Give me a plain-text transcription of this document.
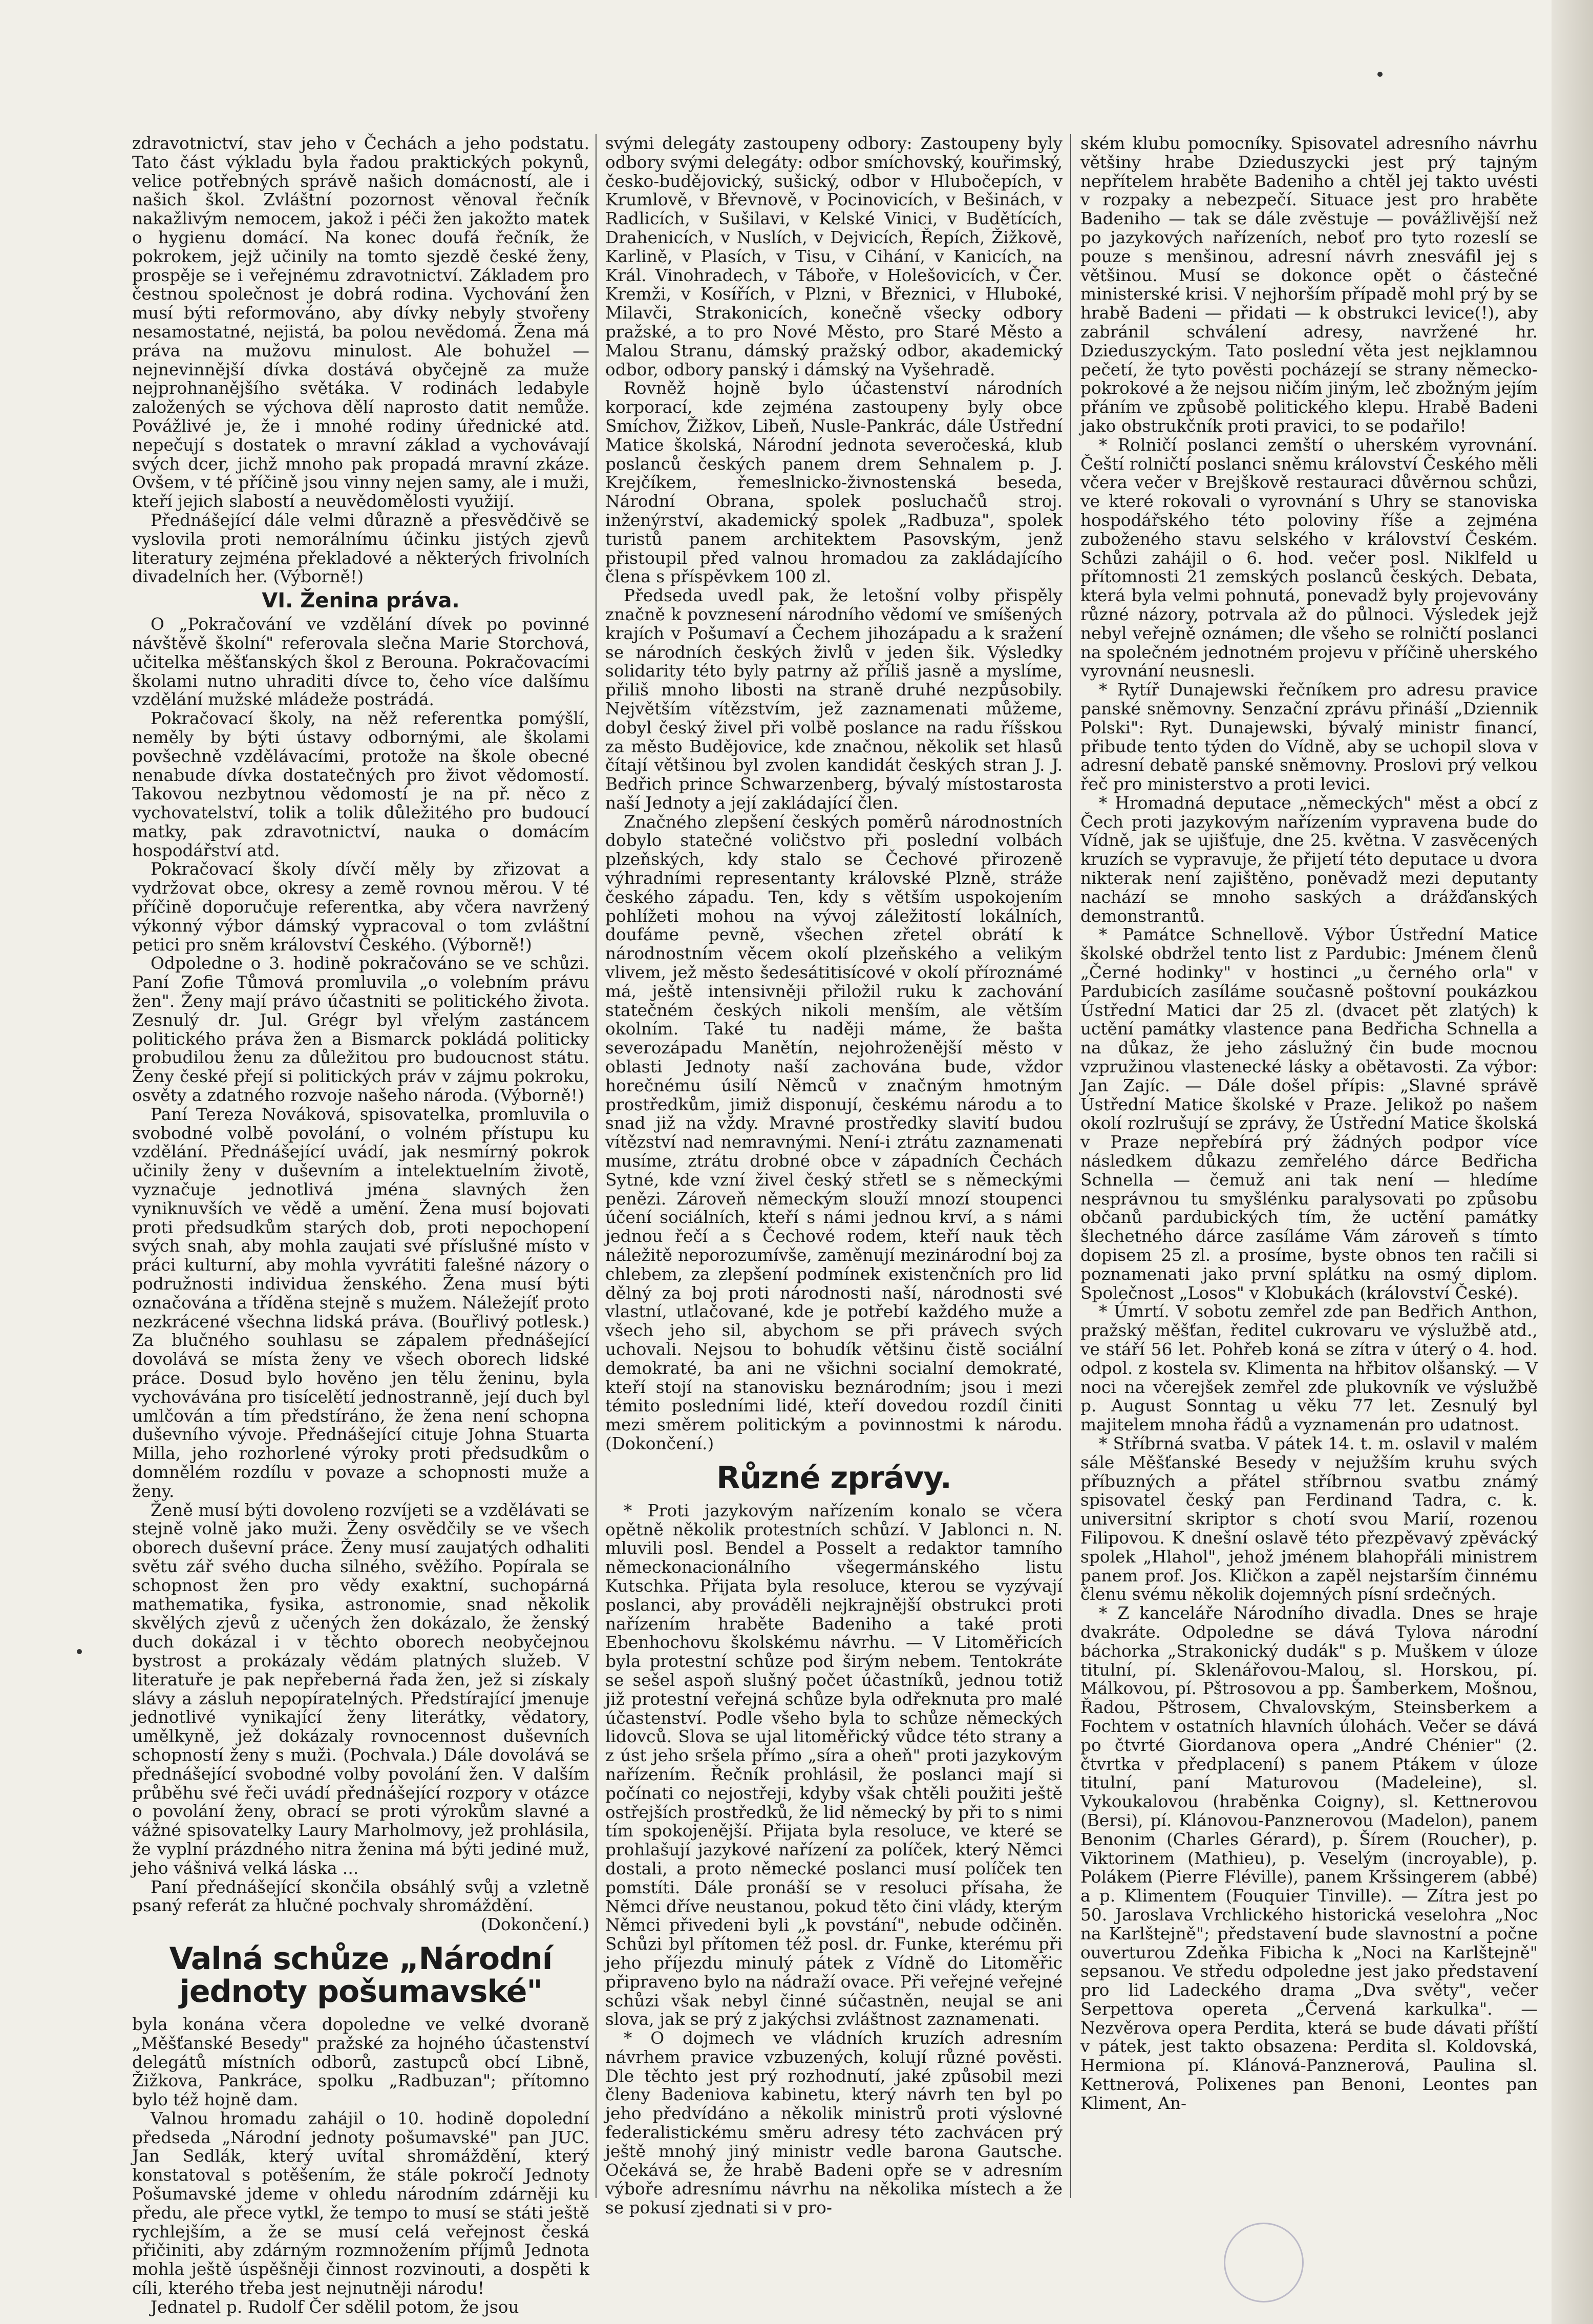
zdravotnictví, stav jeho v Čechách a jeho podstatu. Tato část výkladu byla řadou praktických pokynů, velice potřebných správě našich domácností, ale i našich škol. Zvláštní pozornost věnoval řečník nakažlivým nemocem, jakož i péči žen jakožto matek o hygienu domácí. Na konec doufá řečník, že pokrokem, jejž učinily na tomto sjezdě české ženy, prospěje se i veřejnému zdravotnictví. Základem pro čestnou společnost je dobrá rodina. Vychování žen musí býti reformováno, aby dívky nebyly stvořeny nesamostatné, nejistá, ba polou nevědomá. Žena má práva na mužovu minulost. Ale bohužel — nejnevinnější dívka dostává obyčejně za muže nejprohnanějšího světáka. V rodinách ledabyle založených se výchova dělí naprosto datit nemůže. Povážlivé je, že i mnohé rodiny úřednické atd. nepečují s dostatek o mravní základ a vychovávají svých dcer, jichž mnoho pak propadá mravní zkáze. Ovšem, v té příčině jsou vinny nejen samy, ale i muži, kteří jejich slabostí a neuvědomělosti využijí.

Přednášející dále velmi důrazně a přesvědčivě se vyslovila proti nemorálnímu účinku jistých zjevů literatury zejména překladové a některých frivolních divadelních her. (Výborně!)

VI. Ženina práva.

O „Pokračování ve vzdělání dívek po povinné návštěvě školní" referovala slečna Marie Storchová, učitelka měšťanských škol z Berouna. Pokračovacími školami nutno uhraditi dívce to, čeho více dalšímu vzdělání mužské mládeže postrádá.

Pokračovací školy, na něž referentka pomýšlí, neměly by býti ústavy odbornými, ale školami povšechně vzdělávacími, protože na škole obecné nenabude dívka dostatečných pro život vědomostí. Takovou nezbytnou vědomostí je na př. něco z vychovatelství, tolik a tolik důležitého pro budoucí matky, pak zdravotnictví, nauka o domácím hospodářství atd.

Pokračovací školy dívčí měly by zřizovat a vydržovat obce, okresy a země rovnou měrou. V té příčině doporučuje referentka, aby včera navržený výkonný výbor dámský vypracoval o tom zvláštní petici pro sněm království Českého. (Výborně!)

Odpoledne o 3. hodině pokračováno se ve schůzi. Paní Zofie Tůmová promluvila „o volebním právu žen". Ženy mají právo účastniti se politického života. Zesnulý dr. Jul. Grégr byl vřelým zastáncem politického práva žen a Bismarck pokládá politicky probudilou ženu za důležitou pro budoucnost státu. Ženy české přejí si politických práv v zájmu pokroku, osvěty a zdatného rozvoje našeho národa. (Výborně!)

Paní Tereza Nováková, spisovatelka, promluvila o svobodné volbě povolání, o volném přístupu ku vzdělání. Přednášející uvádí, jak nesmírný pokrok učinily ženy v duševním a intelektuelním životě, vyznačuje jednotlivá jména slavných žen vyniknuvších ve vědě a umění. Žena musí bojovati proti předsudkům starých dob, proti nepochopení svých snah, aby mohla zaujati své příslušné místo v práci kulturní, aby mohla vyvrátiti falešné názory o podružnosti individua ženského. Žena musí býti označována a tříděna stejně s mužem. Náležejíť proto nezkrácené všechna lidská práva. (Bouřlivý potlesk.) Za blučného souhlasu se zápalem přednášející dovolává se místa ženy ve všech oborech lidské práce. Dosud bylo hověno jen tělu ženinu, byla vychovávána pro tisícelětí jednostranně, její duch byl umlčován a tím předstíráno, že žena není schopna duševního vývoje. Přednášející cituje Johna Stuarta Milla, jeho rozhorlené výroky proti předsudkům o domnělém rozdílu v povaze a schopnosti muže a ženy.

Ženě musí býti dovoleno rozvíjeti se a vzdělávati se stejně volně jako muži. Ženy osvědčily se ve všech oborech duševní práce. Ženy musí zaujatých odhaliti světu zář svého ducha silného, svěžího. Popírala se schopnost žen pro vědy exaktní, suchopárná mathematika, fysika, astronomie, snad několik skvělých zjevů z učených žen dokázalo, že ženský duch dokázal i v těchto oborech neobyčejnou bystrost a prokázaly vědám platných služeb. V literatuře je pak nepřeberná řada žen, jež si získaly slávy a zásluh nepopíratelných. Předstírající jmenuje jednotlivé vynikající ženy literátky, vědatory, umělkyně, jež dokázaly rovnocennost duševních schopností ženy s muži. (Pochvala.) Dále dovolává se přednášející svobodné volby povolání žen. V dalším průběhu své řeči uvádí přednášející rozpory v otázce o povolání ženy, obrací se proti výrokům slavné a vážné spisovatelky Laury Marholmovy, jež prohlásila, že vyplní prázdného nitra ženina má býti jediné muž, jeho vášnivá velká láska ...

Paní přednášející skončila obsáhlý svůj a vzletně psaný referát za hlučné pochvaly shromáždění.

(Dokončení.)

Valná schůze „Národní jednoty pošumavské"

byla konána včera dopoledne ve velké dvoraně „Měšťanské Besedy" pražské za hojného účastenství delegátů místních odborů, zastupců obcí Libně, Žižkova, Pankráce, spolku „Radbuzan"; přítomno bylo též hojně dam.

Valnou hromadu zahájil o 10. hodině dopolední předseda „Národní jednoty pošumavské" pan JUC. Jan Sedlák, který uvítal shromáždění, který konstatoval s potěšením, že stále pokročí Jednoty Pošumavské jdeme v ohledu národním zdárněji ku předu, ale přece vytkl, že tempo to musí se státi ještě rychlejším, a že se musí celá veřejnost česká přičiniti, aby zdárným rozmnožením příjmů Jednota mohla ještě úspěšněji činnost rozvinouti, a dospěti k cíli, kterého třeba jest nejnutněji národu!

Jednatel p. Rudolf Čer sdělil potom, že jsou

svými delegáty zastoupeny odbory: Zastoupeny byly odbory svými delegáty: odbor smíchovský, kouřimský, česko-budějovický, sušický, odbor v Hlubočepích, v Krumlově, v Břevnově, v Pocinovicích, v Bešinách, v Radlicích, v Sušilavi, v Kelské Vinici, v Budětících, Drahenicích, v Nuslích, v Dejvicích, Řepích, Žižkově, Karlině, v Plasích, v Tisu, v Cihání, v Kanicích, na Král. Vinohradech, v Táboře, v Holešovicích, v Čer. Kremži, v Kosířích, v Plzni, v Březnici, v Hluboké, Milavči, Strakonicích, konečně všecky odbory pražské, a to pro Nové Město, pro Staré Město a Malou Stranu, dámský pražský odbor, akademický odbor, odbory panský i dámský na Vyšehradě.

Rovněž hojně bylo účastenství národních korporací, kde zejména zastoupeny byly obce Smíchov, Žižkov, Libeň, Nusle-Pankrác, dále Ústřední Matice školská, Národní jednota severočeská, klub poslanců českých panem drem Sehnalem p. J. Krejčíkem, řemeslnicko-živnostenská beseda, Národní Obrana, spolek posluchačů stroj. inženýrství, akademický spolek „Radbuza", spolek turistů panem architektem Pasovským, jenž přistoupil před valnou hromadou za zakládajícího člena s příspěvkem 100 zl.

Předseda uvedl pak, že letošní volby přispěly značně k povznesení národního vědomí ve smíšených krajích v Pošumaví a Čechem jihozápadu a k sražení se národních českých živlů v jeden šik. Výsledky solidarity této byly patrny až příliš jasně a myslíme, přiliš mnoho libosti na straně druhé nezpůsobily. Největším vítězstvím, jež zaznamenati můžeme, dobyl český živel při volbě poslance na radu říšskou za město Budějovice, kde značnou, několik set hlasů čítají většinou byl zvolen kandidát českých stran J. J. Bedřich prince Schwarzenberg, bývalý místostarosta naší Jednoty a její zakládající člen.

Značného zlepšení českých poměrů národnostních dobylo statečné voličstvo při poslední volbách plzeňských, kdy stalo se Čechové přirozeně výhradními representanty královské Plzně, stráže českého západu. Ten, kdy s větším uspokojením pohlížeti mohou na vývoj záležitostí lokálních, doufáme pevně, všechen zřetel obrátí k národnostním věcem okolí plzeňského a velikým vlivem, jež město šedesátitisícové v okolí příroznámé má, ještě intensivněji přiložil ruku k zachování statečném českých nikoli menším, ale větším okolním. Také tu naději máme, že bašta severozápadu Manětín, nejohroženější město v oblasti Jednoty naší zachována bude, vždor horečnému úsilí Němců v značným hmotným prostředkům, jimiž disponují, českému národu a to snad již na vždy. Mravné prostředky slavití budou vítězství nad nemravnými. Není-i ztrátu zaznamenati musíme, ztrátu drobné obce v západních Čechách Sytné, kde vzní živel český střetl se s německými penězi. Zároveň německým slouží mnozí stoupenci účení sociálních, kteří s námi jednou krví, a s námi jednou řečí a s Čechové rodem, kteří nauk těch náležitě neporozumívše, zaměnují mezinárodní boj za chlebem, za zlepšení podmínek existenčních pro lid dělný za boj proti národnosti naší, národnosti své vlastní, utlačované, kde je potřebí každého muže a všech jeho sil, abychom se při právech svých uchovali. Nejsou to bohudík většinu čistě sociální demokraté, ba ani ne všichni socialní demokraté, kteří stojí na stanovisku beznárodním; jsou i mezi témito posledními lidé, kteří dovedou rozdíl činiti mezi směrem politickým a povinnostmi k národu. (Dokončení.)

Různé zprávy.

* Proti jazykovým nařízením konalo se včera opětně několik protestních schůzí. V Jablonci n. N. mluvili posl. Bendel a Posselt a redaktor tamního německonacionálního všegermánského listu Kutschka. Přijata byla resoluce, kterou se vyzývají poslanci, aby prováděli nejkrajnější obstrukci proti nařízením hraběte Badeniho a také proti Ebenhochovu školskému návrhu. — V Litoměřicích byla protestní schůze pod širým nebem. Tentokráte se sešel aspoň slušný počet účastníků, jednou totiž již protestní veřejná schůze byla odřeknuta pro malé účastenství. Podle všeho byla to schůze německých lidovců. Slova se ujal litoměřický vůdce této strany a z úst jeho sršela přímo „síra a oheň" proti jazykovým nařízením. Řečník prohlásil, že poslanci mají si počínati co nejostřeji, kdyby však chtěli použiti ještě ostřejších prostředků, že lid německý by při to s nimi tím spokojenější. Přijata byla resoluce, ve které se prohlašují jazykové nařízení za políček, který Němci dostali, a proto německé poslanci musí políček ten pomstíti. Dále pronáší se v resoluci přísaha, že Němci dříve neustanou, pokud těto čini vlády, kterým Němci přivedeni byli „k povstání", nebude odčiněn. Schůzi byl přítomen též posl. dr. Funke, kterému při jeho příjezdu minulý pátek z Vídně do Litoměřic připraveno bylo na nádraží ovace. Při veřejné veřejné schůzi však nebyl činné súčastněn, neujal se ani slova, jak se prý z jakýchsi zvláštnost zaznamenati.

* O dojmech ve vládních kruzích adresním návrhem pravice vzbuzených, kolují různé pověsti. Dle těchto jest prý rozhodnutí, jaké způsobil mezi členy Badeniova kabinetu, který návrh ten byl po jeho předvídáno a několik ministrů proti výslovné federalistickému směru adresy této zachvácen prý ještě mnohý jiný ministr vedle barona Gautsche. Očekává se, že hrabě Badeni opře se v adresním výboře adresnímu návrhu na několika místech a že se pokusí zjednati si v pro-

ském klubu pomocníky. Spisovatel adresního návrhu většiny hrabe Dzieduszycki jest prý tajným nepřítelem hraběte Badeniho a chtěl jej takto uvésti v rozpaky a nebezpečí. Situace jest pro hraběte Badeniho — tak se dále zvěstuje — povážlivější než po jazykových nařízeních, neboť pro tyto rozeslí se pouze s menšinou, adresní návrh znesváfil jej s většinou. Musí se dokonce opět o částečné ministerské krisi. V nejhorším případě mohl prý by se hrabě Badeni — přidati — k obstrukci levice(!), aby zabránil schválení adresy, navržené hr. Dzieduszyckým. Tato poslední věta jest nejklamnou pečetí, že tyto pověsti pocházejí se strany německo-pokrokové a že nejsou ničím jiným, leč zbožným jejím přáním ve způsobě politického klepu. Hrabě Badeni jako obstrukčník proti pravici, to se podařilo!

* Rolničí poslanci zemští o uherském vyrovnání. Čeští rolničtí poslanci sněmu království Českého měli včera večer v Brejškově restauraci důvěrnou schůzi, ve které rokovali o vyrovnání s Uhry se stanoviska hospodářského této poloviny říše a zejména zuboženého stavu selského v království Českém. Schůzi zahájil o 6. hod. večer posl. Niklfeld u přítomnosti 21 zemských poslanců českých. Debata, která byla velmi pohnutá, ponevadž byly projevovány různé názory, potrvala až do půlnoci. Výsledek jejž nebyl veřejně oznámen; dle všeho se rolničtí poslanci na společném jednotném projevu v příčině uherského vyrovnání neusnesli.

* Rytíř Dunajewski řečníkem pro adresu pravice panské sněmovny. Senzační zprávu přináší „Dziennik Polski": Ryt. Dunajewski, bývalý ministr financí, přibude tento týden do Vídně, aby se uchopil slova v adresní debatě panské sněmovny. Proslovi prý velkou řeč pro ministerstvo a proti levici.

* Hromadná deputace „německých" měst a obcí z Čech proti jazykovým nařízením vypravena bude do Vídně, jak se ujišťuje, dne 25. května. V zasvěcených kruzích se vypravuje, že přijetí této deputace u dvora nikterak není zajištěno, poněvadž mezi deputanty nachází se mnoho saských a drážďanských demonstrantů.

* Památce Schnellově. Výbor Ústřední Matice školské obdržel tento list z Pardubic: Jménem členů „Černé hodinky" v hostinci „u černého orla" v Pardubicích zasíláme současně poštovní poukázkou Ústřední Matici dar 25 zl. (dvacet pět zlatých) k uctění památky vlastence pana Bedřicha Schnella a na důkaz, že jeho záslužný čin bude mocnou vzpružinou vlastenecké lásky a obětavosti. Za výbor: Jan Zajíc. — Dále došel přípis: „Slavné správě Ústřední Matice školské v Praze. Jelikož po našem okolí rozlrušují se zprávy, že Ústřední Matice školská v Praze nepřebírá prý žádných podpor více následkem důkazu zemřelého dárce Bedřicha Schnella — čemuž ani tak není — hledíme nesprávnou tu smyšlénku paralysovati po způsobu občanů pardubických tím, že uctění památky šlechetného dárce zasíláme Vám zároveň s tímto dopisem 25 zl. a prosíme, byste obnos ten račili si poznamenati jako první splátku na osmý diplom. Společnost „Losos" v Klobukách (království České).

* Úmrtí. V sobotu zemřel zde pan Bedřich Anthon, pražský měšťan, ředitel cukrovaru ve výslužbě atd., ve stáří 56 let. Pohřeb koná se zítra v úterý o 4. hod. odpol. z kostela sv. Klimenta na hřbitov olšanský. — V noci na včerejšek zemřel zde plukovník ve výslužbě p. August Sonntag u věku 77 let. Zesnulý byl majitelem mnoha řádů a vyznamenán pro udatnost.

* Stříbrná svatba. V pátek 14. t. m. oslavil v malém sále Měšťanské Besedy v nejužším kruhu svých příbuzných a přátel stříbrnou svatbu známý spisovatel český pan Ferdinand Tadra, c. k. universitní skriptor s chotí svou Marií, rozenou Filipovou. K dnešní oslavě této přezpěvavý zpěvácký spolek „Hlahol", jehož jménem blahopřáli ministrem panem prof. Jos. Kličkon a zapěl nejstarším činnému členu svému několik dojemných písní srdečných.

* Z kanceláře Národního divadla. Dnes se hraje dvakráte. Odpoledne se dává Tylova národní báchorka „Strakonický dudák" s p. Muškem v úloze titulní, pí. Sklenářovou-Malou, sl. Horskou, pí. Málkovou, pí. Pštrosovou a pp. Šamberkem, Mošnou, Řadou, Pštrosem, Chvalovským, Steinsberkem a Fochtem v ostatních hlavních úlohách. Večer se dává po čtvrté Giordanova opera „André Chénier" (2. čtvrtka v předplacení) s panem Ptákem v úloze titulní, paní Maturovou (Madeleine), sl. Vykoukalovou (hraběnka Coigny), sl. Kettnerovou (Bersi), pí. Klánovou-Panznerovou (Madelon), panem Benonim (Charles Gérard), p. Šírem (Roucher), p. Viktorinem (Mathieu), p. Veselým (incroyable), p. Polákem (Pierre Fléville), panem Kršsingerem (abbé) a p. Klimentem (Fouquier Tinville). — Zítra jest po 50. Jaroslava Vrchlického historická veselohra „Noc na Karlštejně"; představení bude slavnostní a počne ouverturou Zdeňka Fibicha k „Noci na Karlštejně" sepsanou. Ve středu odpoledne jest jako představení pro lid Ladeckého drama „Dva světy", večer Serpettova opereta „Červená karkulka". — Nezvěrova opera Perdita, která se bude dávati příští v pátek, jest takto obsazena: Perdita sl. Koldovská, Hermiona pí. Klánová-Panznerová, Paulina sl. Kettnerová, Polixenes pan Benoni, Leontes pan Kliment, An-
